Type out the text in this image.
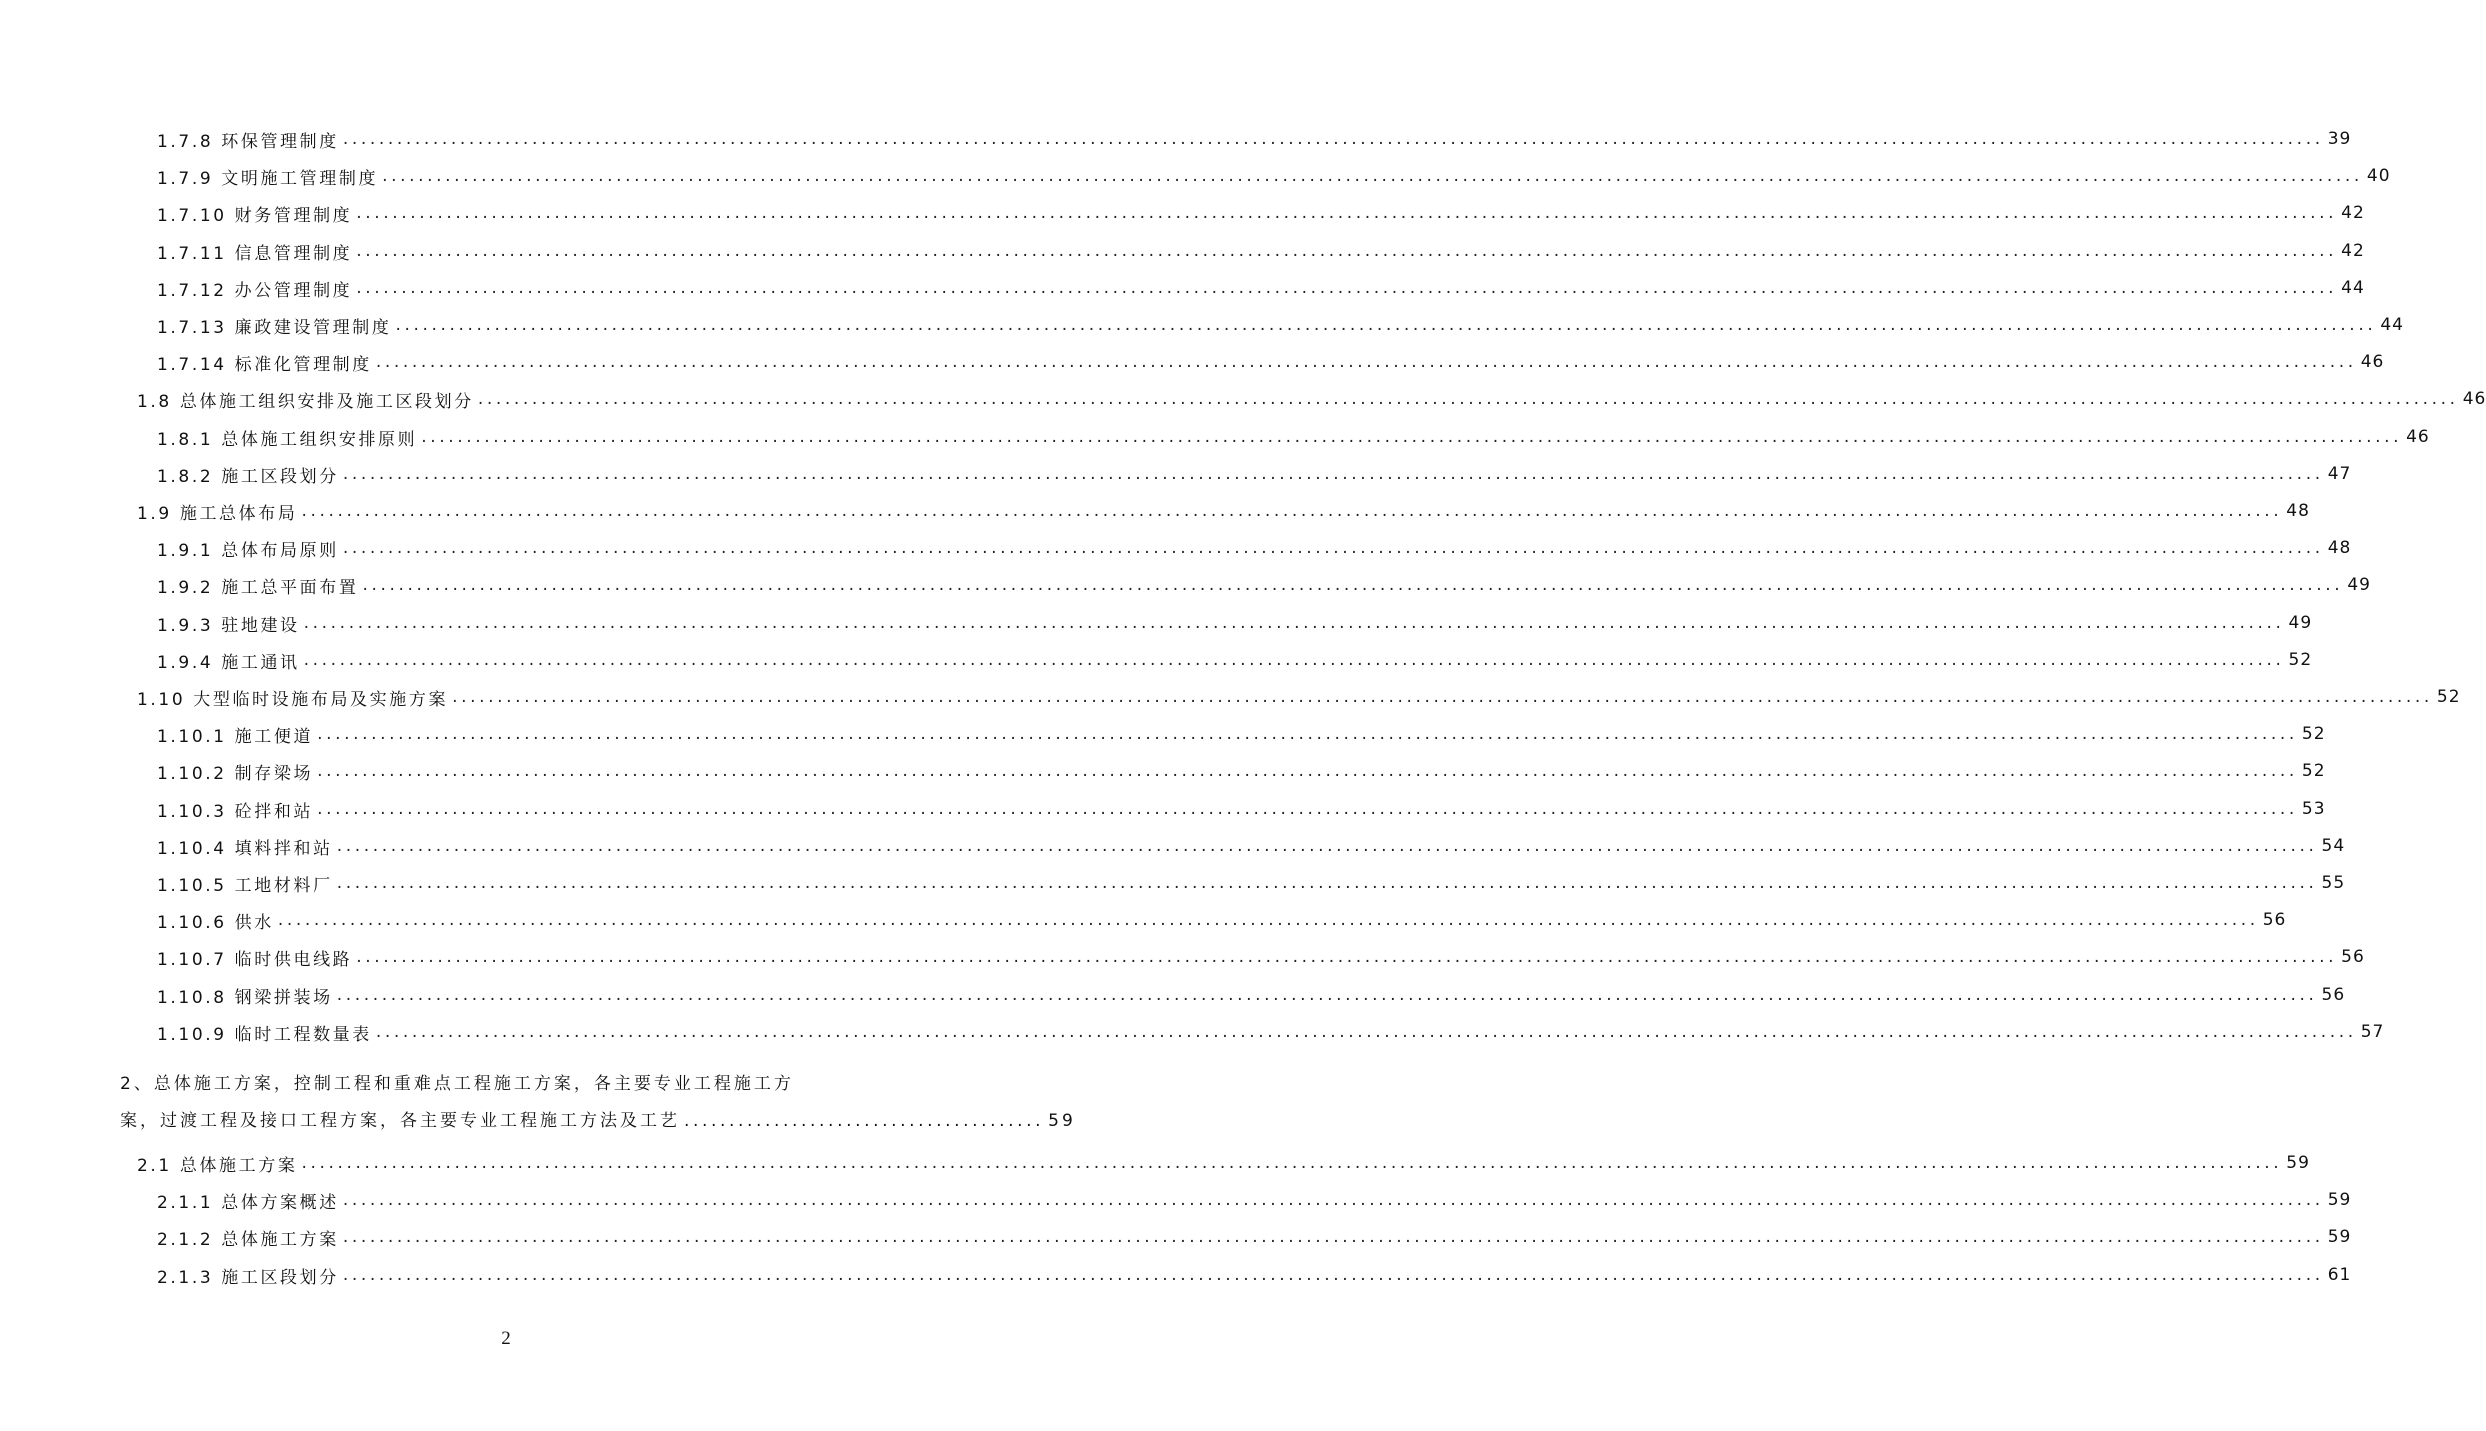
1.7.8 环保管理制度 ............................................................................................................................................................................................................................ 39
1.7.9 文明施工管理制度 ............................................................................................................................................................................................................................ 40
1.7.10 财务管理制度 ............................................................................................................................................................................................................................ 42
1.7.11 信息管理制度 ............................................................................................................................................................................................................................ 42
1.7.12 办公管理制度 ............................................................................................................................................................................................................................ 44
1.7.13 廉政建设管理制度 ............................................................................................................................................................................................................................ 44
1.7.14 标准化管理制度 ............................................................................................................................................................................................................................ 46
1.8 总体施工组织安排及施工区段划分 ............................................................................................................................................................................................................................ 46
1.8.1 总体施工组织安排原则 ............................................................................................................................................................................................................................ 46
1.8.2 施工区段划分 ............................................................................................................................................................................................................................ 47
1.9 施工总体布局 ............................................................................................................................................................................................................................ 48
1.9.1 总体布局原则 ............................................................................................................................................................................................................................ 48
1.9.2 施工总平面布置 ............................................................................................................................................................................................................................ 49
1.9.3 驻地建设 ............................................................................................................................................................................................................................ 49
1.9.4 施工通讯 ............................................................................................................................................................................................................................ 52
1.10 大型临时设施布局及实施方案 ............................................................................................................................................................................................................................ 52
1.10.1 施工便道 ............................................................................................................................................................................................................................ 52
1.10.2 制存梁场 ............................................................................................................................................................................................................................ 52
1.10.3 砼拌和站 ............................................................................................................................................................................................................................ 53
1.10.4 填料拌和站 ............................................................................................................................................................................................................................ 54
1.10.5 工地材料厂 ............................................................................................................................................................................................................................ 55
1.10.6 供水 ............................................................................................................................................................................................................................ 56
1.10.7 临时供电线路 ............................................................................................................................................................................................................................ 56
1.10.8 钢梁拼装场 ............................................................................................................................................................................................................................ 56
1.10.9 临时工程数量表 ............................................................................................................................................................................................................................ 57
2.1 总体施工方案 ............................................................................................................................................................................................................................ 59
2.1.1 总体方案概述 ............................................................................................................................................................................................................................ 59
2.1.2 总体施工方案 ............................................................................................................................................................................................................................ 59
2.1.3 施工区段划分 ............................................................................................................................................................................................................................ 61
2、总体施工方案，控制工程和重难点工程施工方案，各主要专业工程施工方
案，过渡工程及接口工程方案，各主要专业工程施工方法及工艺 ........................................ 59
2
